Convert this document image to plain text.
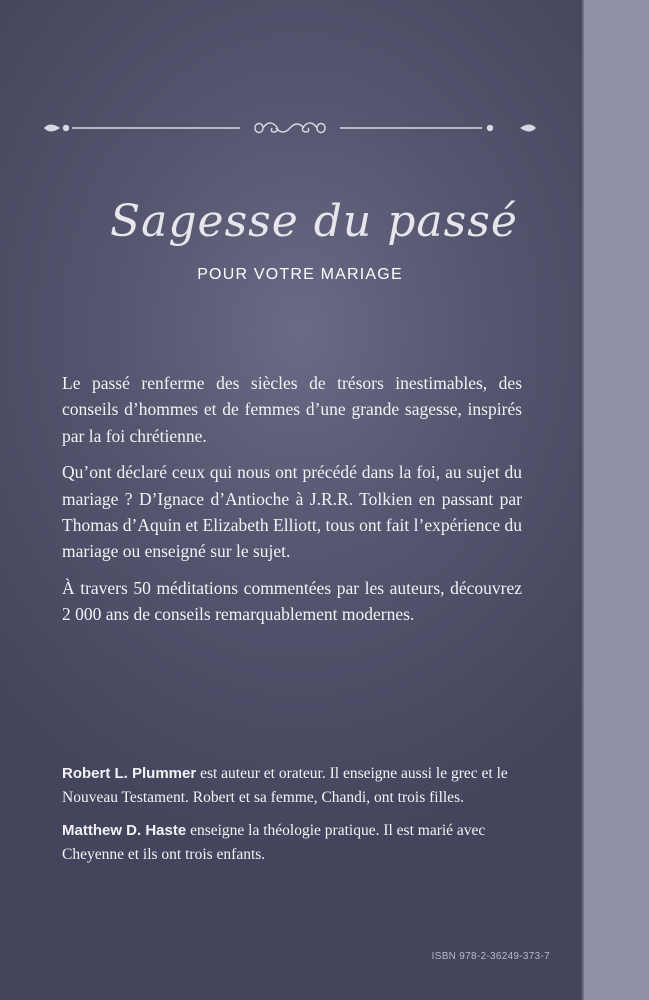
Sagesse du passé
POUR VOTRE MARIAGE

Le passé renferme des siècles de trésors inestimables, des conseils d’hommes et de femmes d’une grande sagesse, inspirés par la foi chrétienne.

Qu’ont déclaré ceux qui nous ont précédé dans la foi, au sujet du mariage ? D’Ignace d’Antioche à J.R.R. Tolkien en passant par Thomas d’Aquin et Elizabeth Elliott, tous ont fait l’expérience du mariage ou enseigné sur le sujet.

À travers 50 méditations commentées par les auteurs, découvrez 2 000 ans de conseils remarquablement modernes.

Robert L. Plummer est auteur et orateur. Il enseigne aussi le grec et le Nouveau Testament. Robert et sa femme, Chandi, ont trois filles.

Matthew D. Haste enseigne la théologie pratique. Il est marié avec Cheyenne et ils ont trois enfants.

ISBN 978-2-36249-373-7
